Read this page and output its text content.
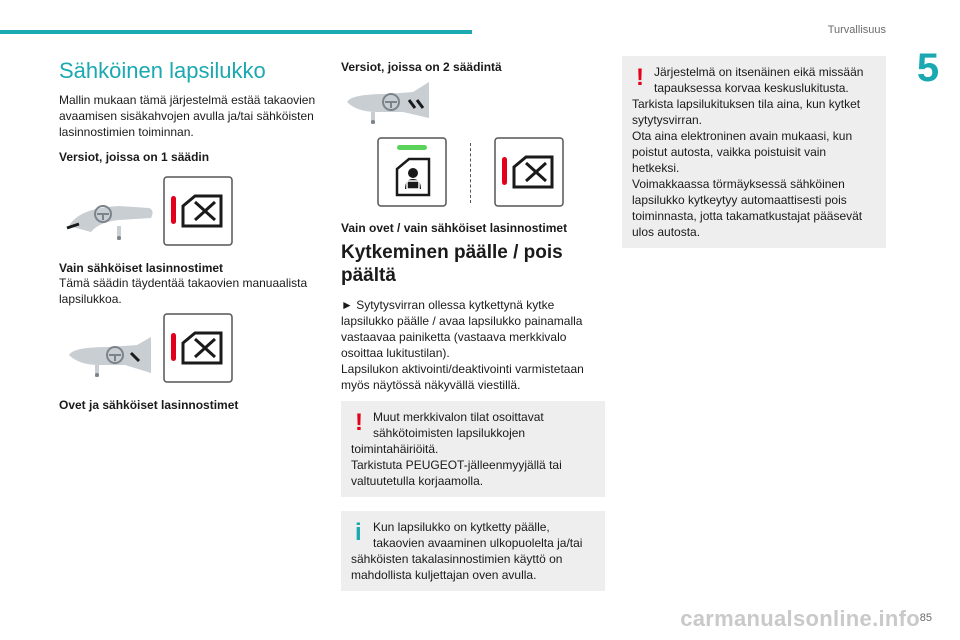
Turvallisuus
5
Sähköinen lapsilukko

Mallin mukaan tämä järjestelmä estää takaovien avaamisen sisäkahvojen avulla ja/tai sähköisten lasinnostimien toiminnan.

Versiot, joissa on 1 säädin

Vain sähköiset lasinnostimet

Tämä säädin täydentää takaovien manuaalista lapsilukkoa.

Ovet ja sähköiset lasinnostimet
Versiot, joissa on 2 säädintä
Vain ovet / vain sähköiset lasinnostimet
Kytkeminen päälle / pois päältä

► Sytytysvirran ollessa kytkettynä kytke lapsilukko päälle / avaa lapsilukko painamalla vastaavaa painiketta (vastaava merkkivalo osoittaa lukitustilan).

Lapsilukon aktivointi/deaktivointi varmistetaan myös näytössä näkyvällä viestillä.

! Muut merkkivalon tilat osoittavat sähkötoimisten lapsilukkojen
toimintahäiriöitä.
Tarkistuta PEUGEOT-jälleenmyyjällä tai valtuutetulla korjaamolla.
i Kun lapsilukko on kytketty päälle, takaovien avaaminen ulkopuolelta ja/tai
sähköisten takalasinnostimien käyttö on mahdollista kuljettajan oven avulla.
! Järjestelmä on itsenäinen eikä missään tapauksessa korvaa keskuslukitusta.
Tarkista lapsilukituksen tila aina, kun kytket sytytysvirran.
Ota aina elektroninen avain mukaasi, kun poistut autosta, vaikka poistuisit vain hetkeksi.
Voimakkaassa törmäyksessä sähköinen lapsilukko kytkeytyy automaattisesti pois toiminnasta, jotta takamatkustajat pääsevät ulos autosta.
carmanualsonline.info 85
